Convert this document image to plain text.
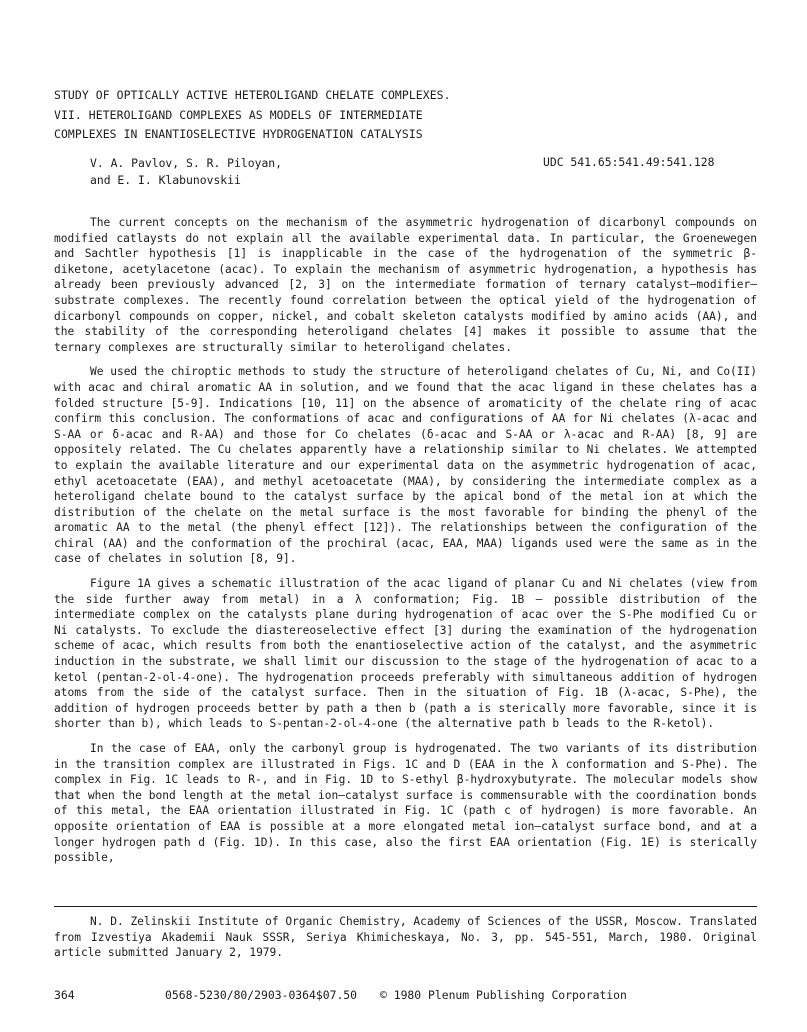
STUDY OF OPTICALLY ACTIVE HETEROLIGAND CHELATE COMPLEXES.
VII. HETEROLIGAND COMPLEXES AS MODELS OF INTERMEDIATE
COMPLEXES IN ENANTIOSELECTIVE HYDROGENATION CATALYSIS
V. A. Pavlov, S. R. Piloyan,
and E. I. Klabunovskii
UDC 541.65:541.49:541.128

The current concepts on the mechanism of the asymmetric hydrogenation of dicarbonyl compounds on modified catlaysts do not explain all the available experimental data. In particular, the Groenewegen and Sachtler hypothesis [1] is inapplicable in the case of the hydrogenation of the symmetric β-diketone, acetylacetone (acac). To explain the mechanism of asymmetric hydrogenation, a hypothesis has already been previously advanced [2, 3] on the intermediate formation of ternary catalyst—modifier—substrate complexes. The recently found correlation between the optical yield of the hydrogenation of dicarbonyl compounds on copper, nickel, and cobalt skeleton catalysts modified by amino acids (AA), and the stability of the corresponding heteroligand chelates [4] makes it possible to assume that the ternary complexes are structurally similar to heteroligand chelates.

We used the chiroptic methods to study the structure of heteroligand chelates of Cu, Ni, and Co(II) with acac and chiral aromatic AA in solution, and we found that the acac ligand in these chelates has a folded structure [5-9]. Indications [10, 11] on the absence of aromaticity of the chelate ring of acac confirm this conclusion. The conformations of acac and configurations of AA for Ni chelates (λ-acac and S-AA or δ-acac and R-AA) and those for Co chelates (δ-acac and S-AA or λ-acac and R-AA) [8, 9] are oppositely related. The Cu chelates apparently have a relationship similar to Ni chelates. We attempted to explain the available literature and our experimental data on the asymmetric hydrogenation of acac, ethyl acetoacetate (EAA), and methyl acetoacetate (MAA), by considering the intermediate complex as a heteroligand chelate bound to the catalyst surface by the apical bond of the metal ion at which the distribution of the chelate on the metal surface is the most favorable for binding the phenyl of the aromatic AA to the metal (the phenyl effect [12]). The relationships between the configuration of the chiral (AA) and the conformation of the prochiral (acac, EAA, MAA) ligands used were the same as in the case of chelates in solution [8, 9].

Figure 1A gives a schematic illustration of the acac ligand of planar Cu and Ni chelates (view from the side further away from metal) in a λ conformation; Fig. 1B — possible distribution of the intermediate complex on the catalysts plane during hydrogenation of acac over the S-Phe modified Cu or Ni catalysts. To exclude the diastereoselective effect [3] during the examination of the hydrogenation scheme of acac, which results from both the enantioselective action of the catalyst, and the asymmetric induction in the substrate, we shall limit our discussion to the stage of the hydrogenation of acac to a ketol (pentan-2-ol-4-one). The hydrogenation proceeds preferably with simultaneous addition of hydrogen atoms from the side of the catalyst surface. Then in the situation of Fig. 1B (λ-acac, S-Phe), the addition of hydrogen proceeds better by path a then b (path a is sterically more favorable, since it is shorter than b), which leads to S-pentan-2-ol-4-one (the alternative path b leads to the R-ketol).

In the case of EAA, only the carbonyl group is hydrogenated. The two variants of its distribution in the transition complex are illustrated in Figs. 1C and D (EAA in the λ conformation and S-Phe). The complex in Fig. 1C leads to R-, and in Fig. 1D to S-ethyl β-hydroxybutyrate. The molecular models show that when the bond length at the metal ion—catalyst surface is commensurable with the coordination bonds of this metal, the EAA orientation illustrated in Fig. 1C (path c of hydrogen) is more favorable. An opposite orientation of EAA is possible at a more elongated metal ion—catalyst surface bond, and at a longer hydrogen path d (Fig. 1D). In this case, also the first EAA orientation (Fig. 1E) is sterically possible,

N. D. Zelinskii Institute of Organic Chemistry, Academy of Sciences of the USSR, Moscow. Translated from Izvestiya Akademii Nauk SSSR, Seriya Khimicheskaya, No. 3, pp. 545-551, March, 1980. Original article submitted January 2, 1979.
364	0568-5230/80/2903-0364$07.50 © 1980 Plenum Publishing Corporation
